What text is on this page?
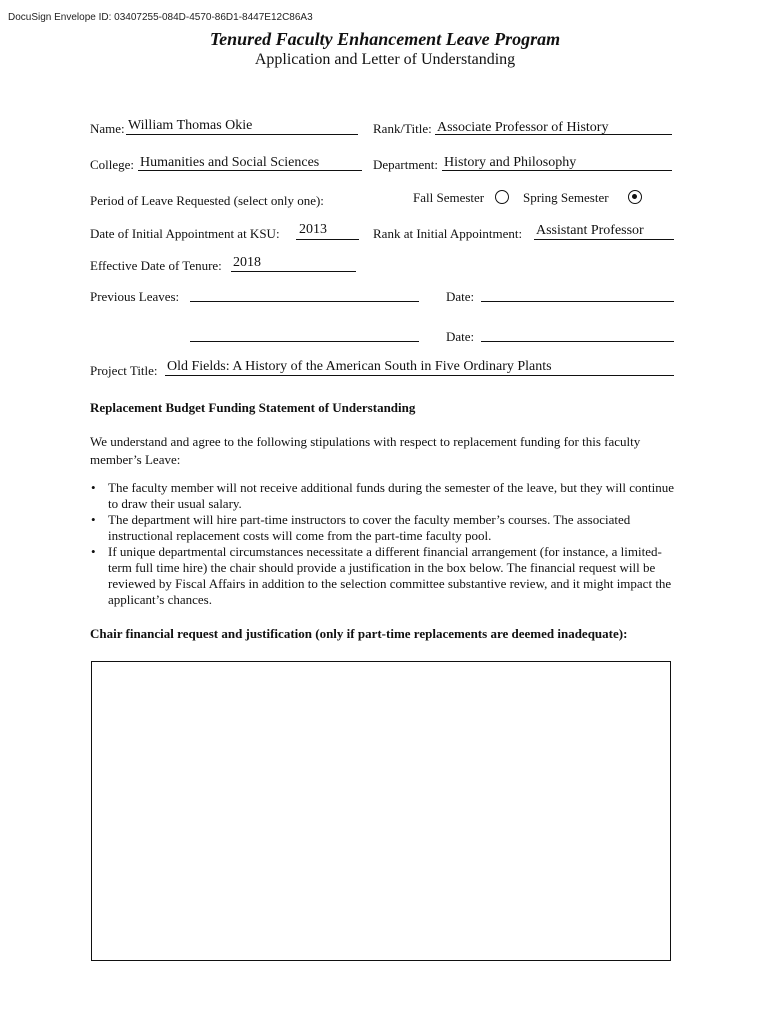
DocuSign Envelope ID: 03407255-084D-4570-86D1-8447E12C86A3
Tenured Faculty Enhancement Leave Program
Application and Letter of Understanding
Name: William Thomas Okie	Rank/Title: Associate Professor of History
College: Humanities and Social Sciences	Department: History and Philosophy
Period of Leave Requested (select only one):	Fall Semester	Spring Semester
Date of Initial Appointment at KSU: 2013	Rank at Initial Appointment: Assistant Professor
Effective Date of Tenure: 2018
Previous Leaves:	Date:
Date:
Project Title: Old Fields: A History of the American South in Five Ordinary Plants
Replacement Budget Funding Statement of Understanding
We understand and agree to the following stipulations with respect to replacement funding for this faculty member’s Leave:
• The faculty member will not receive additional funds during the semester of the leave, but they will continue to draw their usual salary.
• The department will hire part-time instructors to cover the faculty member’s courses. The associated instructional replacement costs will come from the part-time faculty pool.
• If unique departmental circumstances necessitate a different financial arrangement (for instance, a limited-term full time hire) the chair should provide a justification in the box below. The financial request will be reviewed by Fiscal Affairs in addition to the selection committee substantive review, and it might impact the applicant’s chances.
Chair financial request and justification (only if part-time replacements are deemed inadequate):
